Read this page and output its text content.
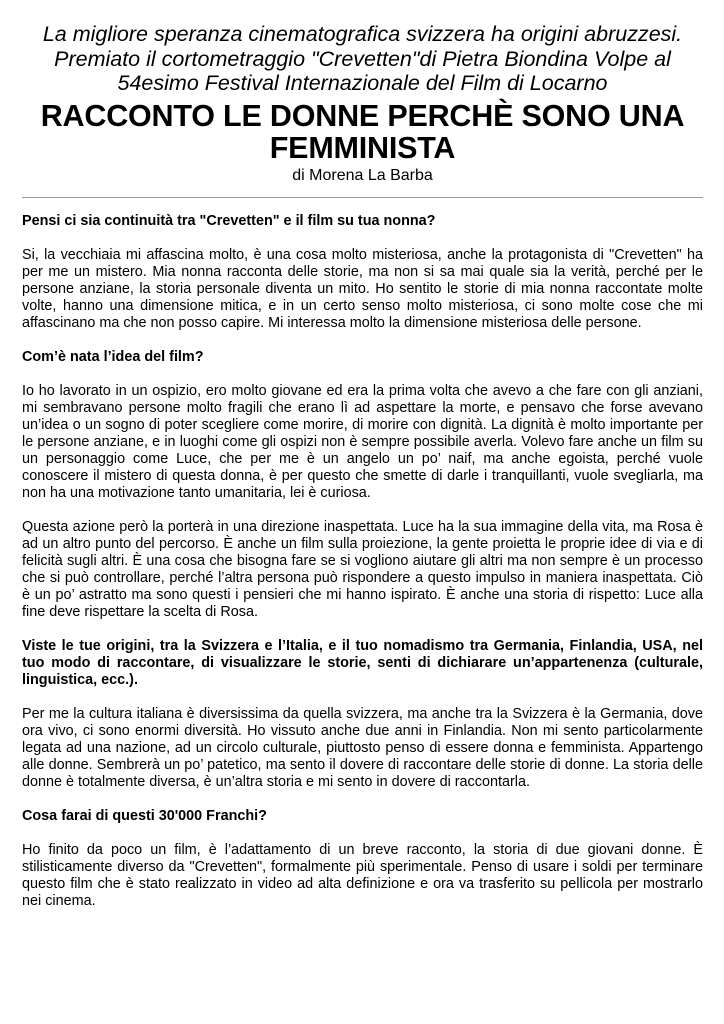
La migliore speranza cinematografica svizzera ha origini abruzzesi. Premiato il cortometraggio "Crevetten"di Pietra Biondina Volpe al 54esimo Festival Internazionale del Film di Locarno
RACCONTO LE DONNE PERCHÈ SONO UNA FEMMINISTA
di Morena La Barba

Pensi ci sia continuità tra "Crevetten" e il film su tua nonna?

Si, la vecchiaia mi affascina molto, è una cosa molto misteriosa, anche la protagonista di "Crevetten" ha per me un mistero. Mia nonna racconta delle storie, ma non si sa mai quale sia la verità, perché per le persone anziane, la storia personale diventa un mito. Ho sentito le storie di mia nonna raccontate molte volte, hanno una dimensione mitica, e in un certo senso molto misteriosa, ci sono molte cose che mi affascinano ma che non posso capire. Mi interessa molto la dimensione misteriosa delle persone.

Com’è nata l’idea del film?

Io ho lavorato in un ospizio, ero molto giovane ed era la prima volta che avevo a che fare con gli anziani, mi sembravano persone molto fragili che erano lì ad aspettare la morte, e pensavo che forse avevano un’idea o un sogno di poter scegliere come morire, di morire con dignità. La dignità è molto importante per le persone anziane, e in luoghi come gli ospizi non è sempre possibile averla. Volevo fare anche un film su un personaggio come Luce, che per me è un angelo un po’ naif, ma anche egoista, perché vuole conoscere il mistero di questa donna, è per questo che smette di darle i tranquillanti, vuole svegliarla, ma non ha una motivazione tanto umanitaria, lei è curiosa.

Questa azione però la porterà in una direzione inaspettata. Luce ha la sua immagine della vita, ma Rosa è ad un altro punto del percorso. È anche un film sulla proiezione, la gente proietta le proprie idee di via e di felicità sugli altri. È una cosa che bisogna fare se si vogliono aiutare gli altri ma non sempre è un processo che si può controllare, perché l’altra persona può rispondere a questo impulso in maniera inaspettata. Ciò è un po’ astratto ma sono questi i pensieri che mi hanno ispirato. È anche una storia di rispetto: Luce alla fine deve rispettare la scelta di Rosa.

Viste le tue origini, tra la Svizzera e l’Italia, e il tuo nomadismo tra Germania, Finlandia, USA, nel tuo modo di raccontare, di visualizzare le storie, senti di dichiarare un’appartenenza (culturale, linguistica, ecc.).

Per me la cultura italiana è diversissima da quella svizzera, ma anche tra la Svizzera è la Germania, dove ora vivo, ci sono enormi diversità. Ho vissuto anche due anni in Finlandia. Non mi sento particolarmente legata ad una nazione, ad un circolo culturale, piuttosto penso di essere donna e femminista. Appartengo alle donne. Sembrerà un po’ patetico, ma sento il dovere di raccontare delle storie di donne. La storia delle donne è totalmente diversa, è un’altra storia e mi sento in dovere di raccontarla.

Cosa farai di questi 30'000 Franchi?

Ho finito da poco un film, è l’adattamento di un breve racconto, la storia di due giovani donne. È stilisticamente diverso da "Crevetten", formalmente più sperimentale. Penso di usare i soldi per terminare questo film che è stato realizzato in video ad alta definizione e ora va trasferito su pellicola per mostrarlo nei cinema.
